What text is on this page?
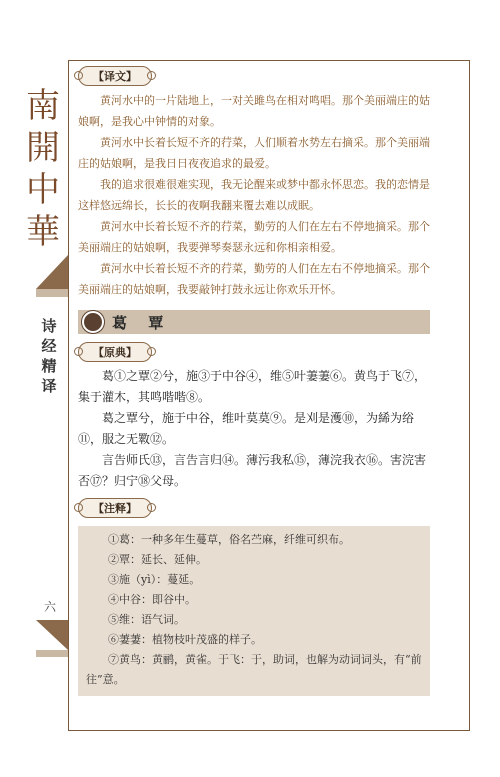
南
開
中
華
诗经精译
六
【译文】

黄河水中的一片陆地上，一对关雎鸟在相对鸣唱。那个美丽端庄的姑娘啊，是我心中钟情的对象。

黄河水中长着长短不齐的荇菜，人们顺着水势左右摘采。那个美丽端庄的姑娘啊，是我日日夜夜追求的最爱。

我的追求很难很难实现，我无论醒来或梦中都永怀思恋。我的恋情是这样悠远绵长，长长的夜啊我翻来覆去难以成眠。

黄河水中长着长短不齐的荇菜，勤劳的人们在左右不停地摘采。那个美丽端庄的姑娘啊，我要弹琴奏瑟永远和你相亲相爱。

黄河水中长着长短不齐的荇菜，勤劳的人们在左右不停地摘采。那个美丽端庄的姑娘啊，我要敲钟打鼓永远让你欢乐开怀。

葛 覃
【原典】

葛①之覃②兮，施③于中谷④，维⑤叶萋萋⑥。黄鸟于飞⑦，集于灌木，其鸣喈喈⑧。

葛之覃兮，施于中谷，维叶莫莫⑨。是刈是濩⑩，为絺为绤⑪，服之无斁⑫。

言告师氏⑬，言告言归⑭。薄污我私⑮，薄浣我衣⑯。害浣害否⑰？归宁⑱父母。

【注释】

①葛：一种多年生蔓草，俗名苎麻，纤维可织布。

②覃：延长、延伸。

③施（yì）：蔓延。

④中谷：即谷中。

⑤维：语气词。

⑥萋萋：植物枝叶茂盛的样子。

⑦黄鸟：黄鹂，黄雀。于飞：于，助词，也解为动词词头，有“前往”意。
